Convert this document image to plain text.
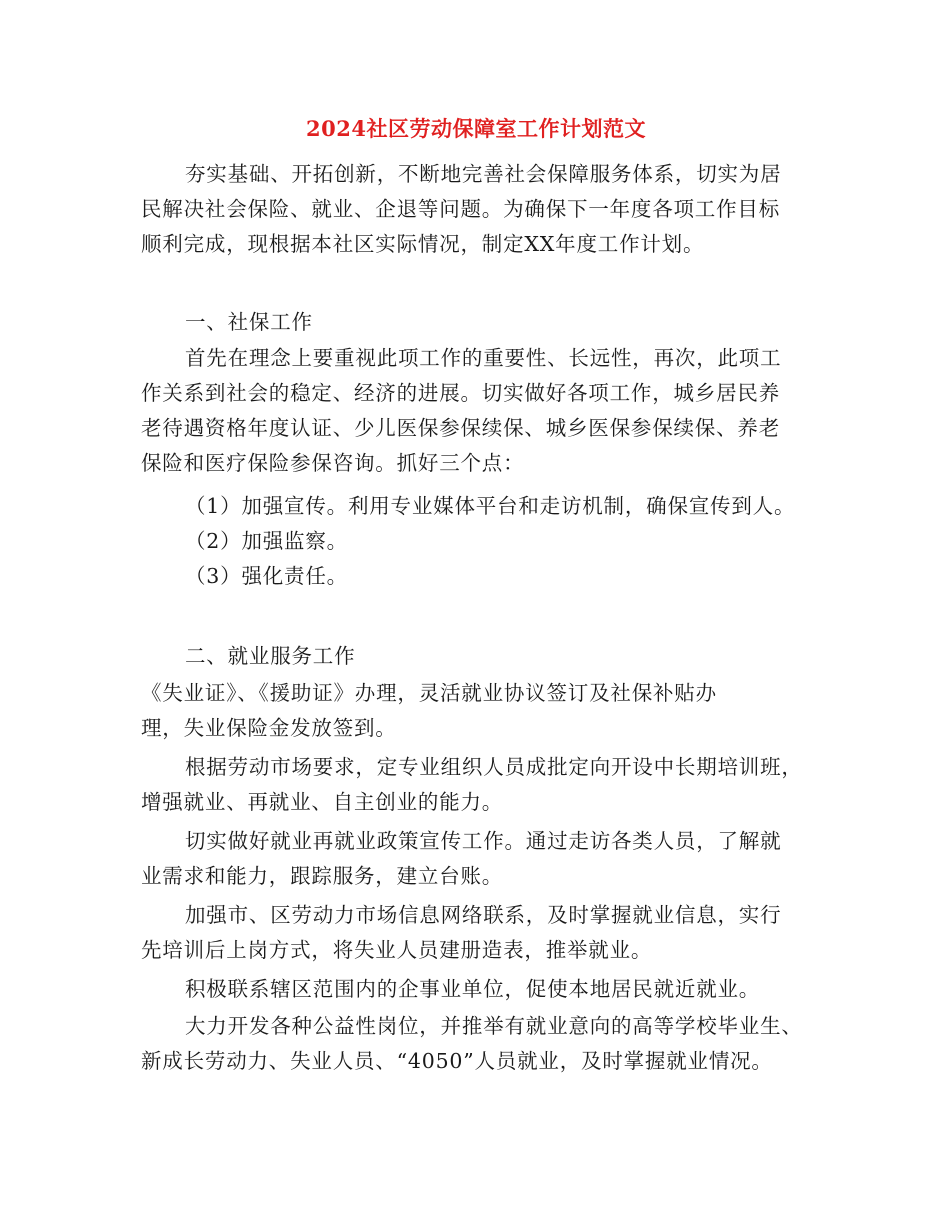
2024社区劳动保障室工作计划范文
夯实基础、开拓创新，不断地完善社会保障服务体系，切实为居
民解决社会保险、就业、企退等问题。为确保下一年度各项工作目标
顺利完成，现根据本社区实际情况，制定XX年度工作计划。
一、社保工作
首先在理念上要重视此项工作的重要性、长远性，再次，此项工
作关系到社会的稳定、经济的进展。切实做好各项工作，城乡居民养
老待遇资格年度认证、少儿医保参保续保、城乡医保参保续保、养老
保险和医疗保险参保咨询。抓好三个点：
（1）加强宣传。利用专业媒体平台和走访机制，确保宣传到人。
（2）加强监察。
（3）强化责任。
二、就业服务工作
《失业证》、《援助证》办理，灵活就业协议签订及社保补贴办
理，失业保险金发放签到。
根据劳动市场要求，定专业组织人员成批定向开设中长期培训班，
增强就业、再就业、自主创业的能力。
切实做好就业再就业政策宣传工作。通过走访各类人员，了解就
业需求和能力，跟踪服务，建立台账。
加强市、区劳动力市场信息网络联系，及时掌握就业信息，实行
先培训后上岗方式，将失业人员建册造表，推举就业。
积极联系辖区范围内的企事业单位，促使本地居民就近就业。
大力开发各种公益性岗位，并推举有就业意向的高等学校毕业生、
新成长劳动力、失业人员、“4050”人员就业，及时掌握就业情况。
